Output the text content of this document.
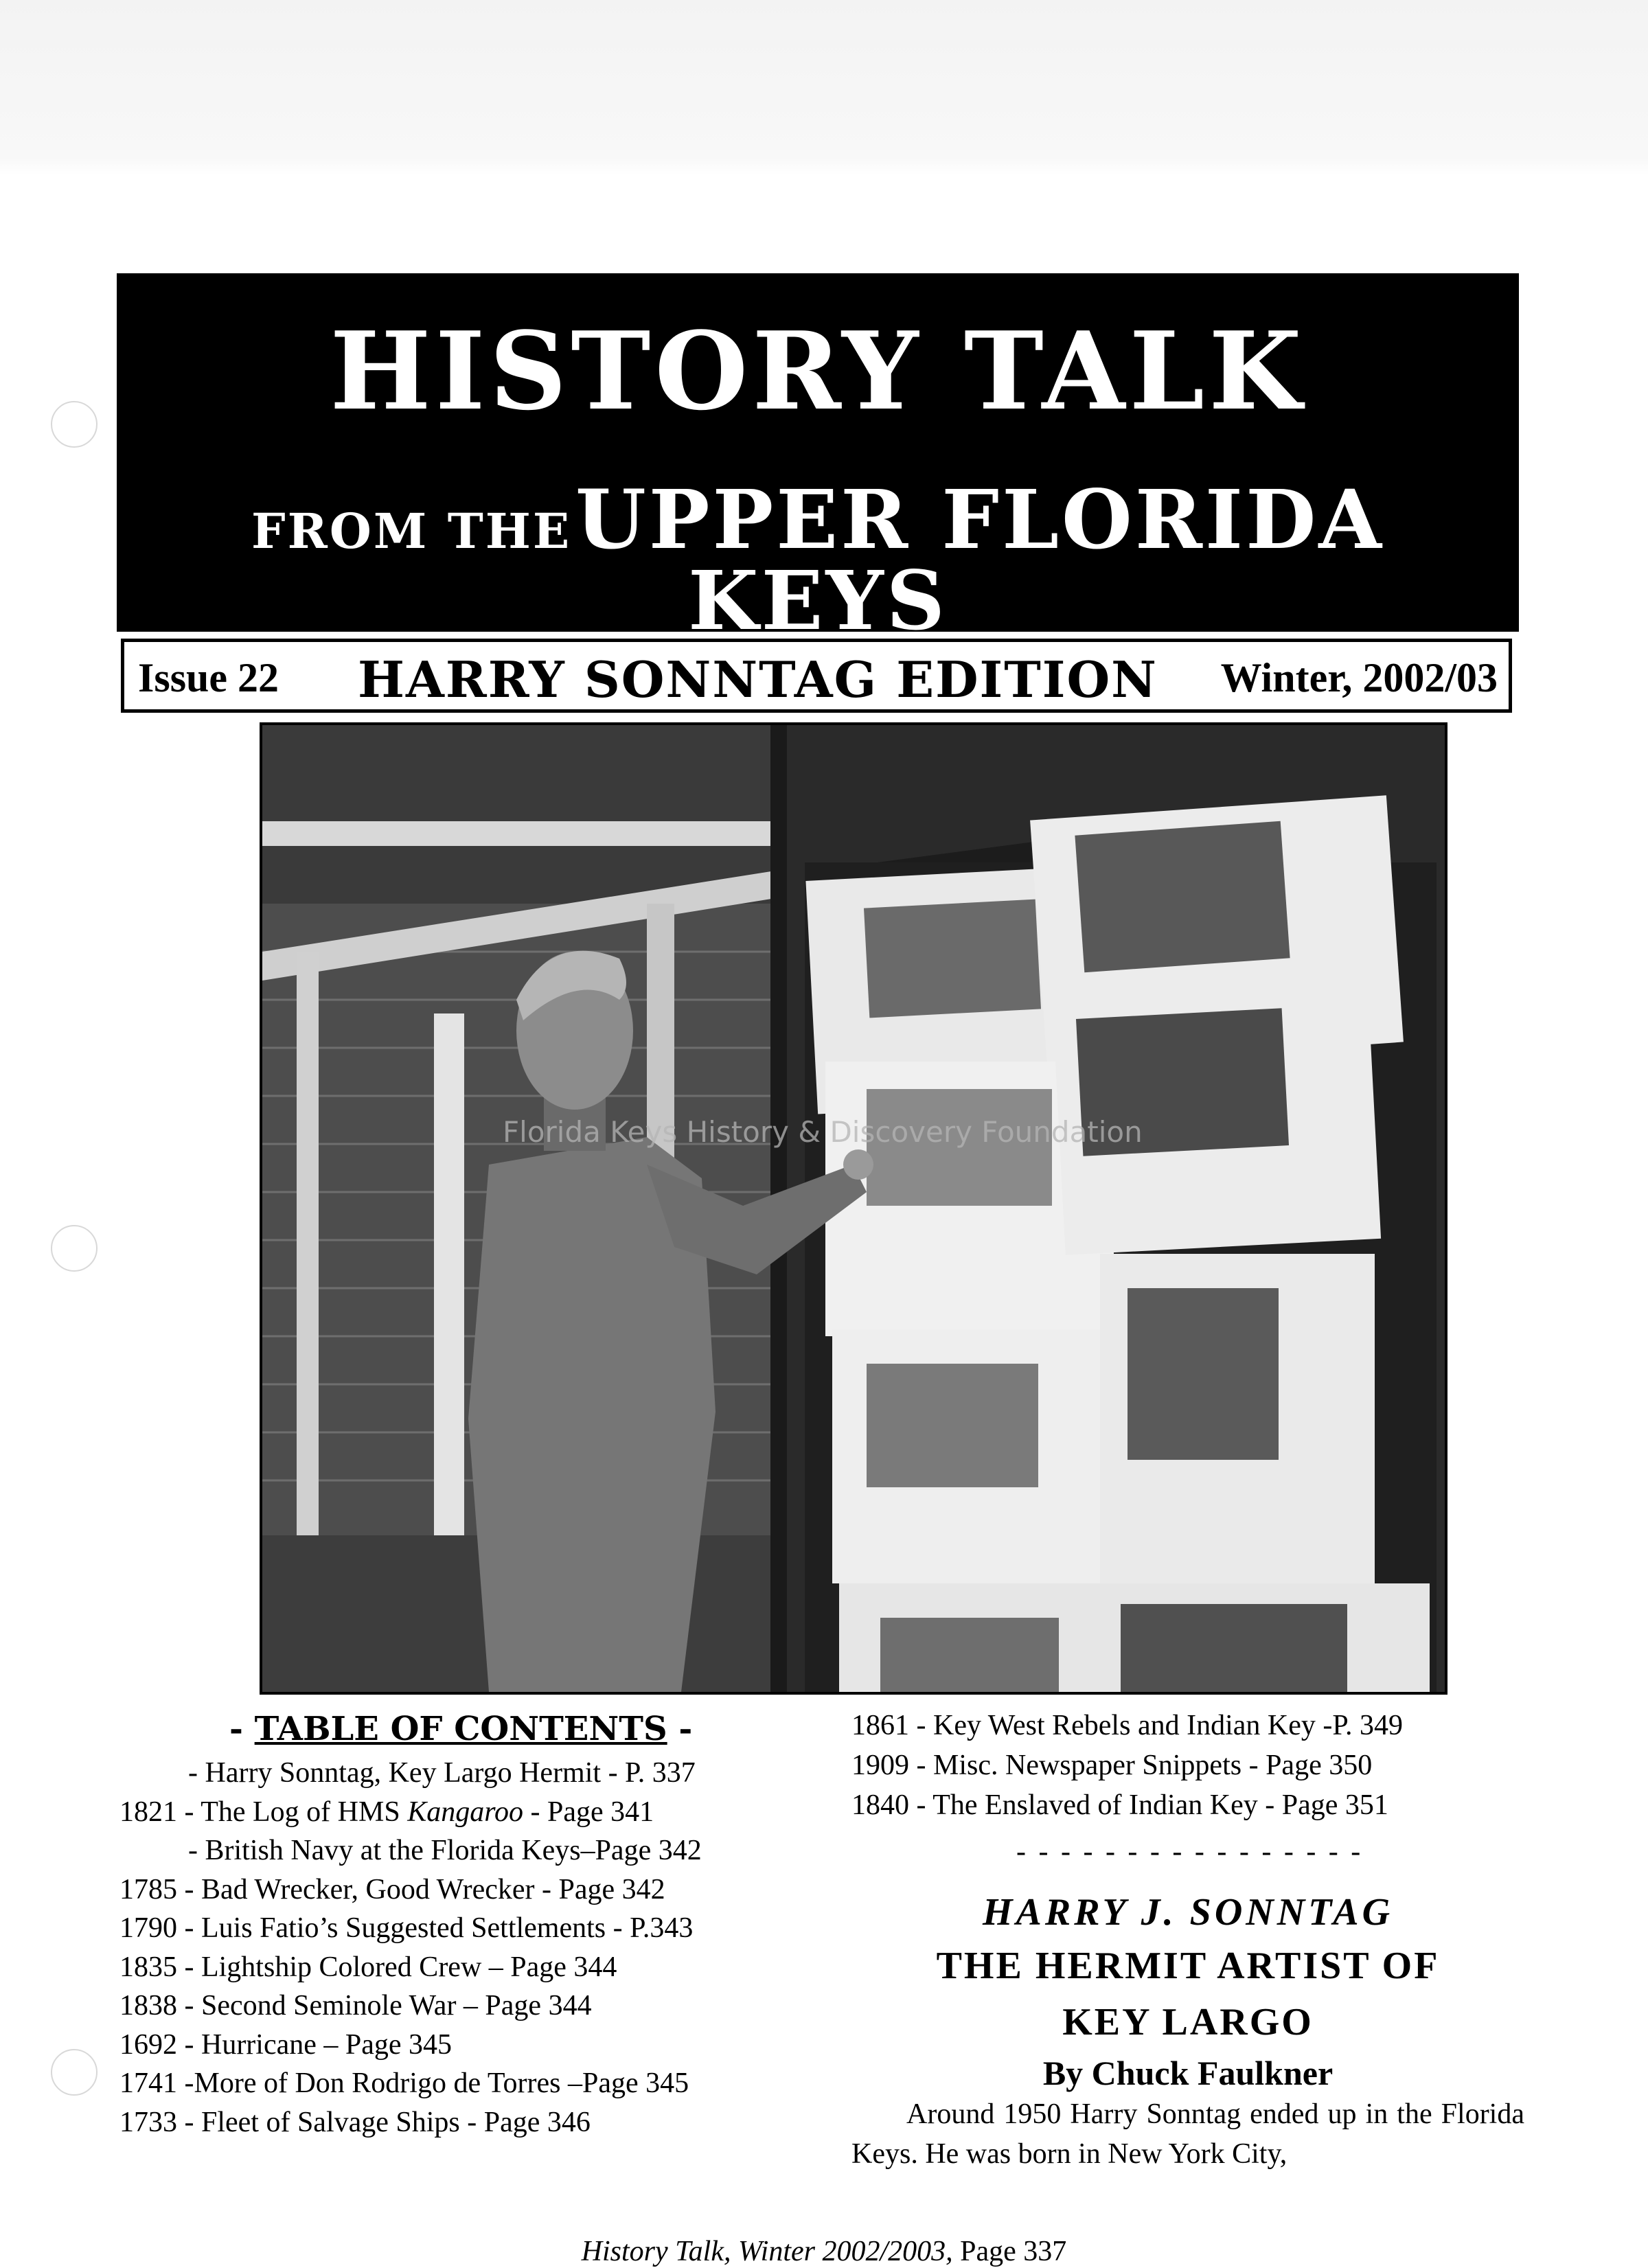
HISTORY TALK
FROM THE UPPER FLORIDA KEYS
Issue 22 HARRY SONNTAG EDITION Winter, 2002/03
Florida Keys History & Discovery Foundation
- TABLE OF CONTENTS -
- Harry Sonntag, Key Largo Hermit - P. 337
1821 - The Log of HMS Kangaroo - Page 341
- British Navy at the Florida Keys–Page 342
1785 - Bad Wrecker, Good Wrecker - Page 342
1790 - Luis Fatio’s Suggested Settlements - P.343
1835 - Lightship Colored Crew – Page 344
1838 - Second Seminole War – Page 344
1692 - Hurricane – Page 345
1741 -More of Don Rodrigo de Torres –Page 345
1733 - Fleet of Salvage Ships - Page 346
1861 - Key West Rebels and Indian Key -P. 349
1909 - Misc. Newspaper Snippets - Page 350
1840 - The Enslaved of Indian Key - Page 351
- - - - - - - - - - - - - - - -
HARRY J. SONNTAG
THE HERMIT ARTIST OF
KEY LARGO
By Chuck Faulkner

Around 1950 Harry Sonntag ended up in the Florida Keys. He was born in New York City,

History Talk, Winter 2002/2003, Page 337
